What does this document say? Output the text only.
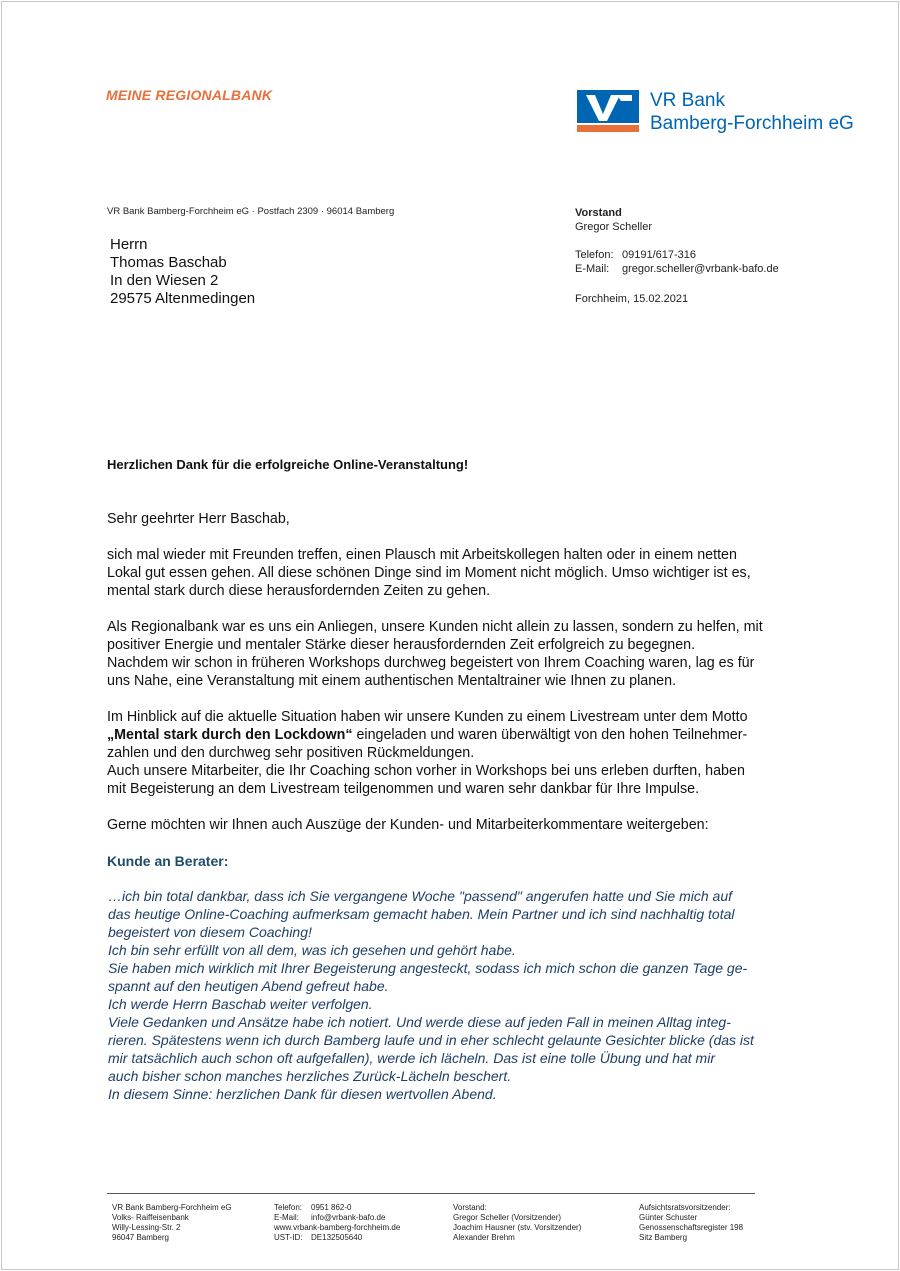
MEINE REGIONALBANK	VR Bank
Bamberg-Forchheim eG
VR Bank Bamberg-Forchheim eG · Postfach 2309 · 96014 Bamberg
Herrn
Thomas Baschab
In den Wiesen 2
29575 Altenmedingen
Vorstand
Gregor Scheller
Telefon: 09191/617-316
E-Mail:	gregor.scheller@vrbank-bafo.de
Forchheim, 15.02.2021
Herzlichen Dank für die erfolgreiche Online-Veranstaltung!

Sehr geehrter Herr Baschab,

sich mal wieder mit Freunden treffen, einen Plausch mit Arbeitskollegen halten oder in einem netten

Lokal gut essen gehen. All diese schönen Dinge sind im Moment nicht möglich. Umso wichtiger ist es,

mental stark durch diese herausfordernden Zeiten zu gehen.

Als Regionalbank war es uns ein Anliegen, unsere Kunden nicht allein zu lassen, sondern zu helfen, mit

positiver Energie und mentaler Stärke dieser herausfordernden Zeit erfolgreich zu begegnen.

Nachdem wir schon in früheren Workshops durchweg begeistert von Ihrem Coaching waren, lag es für

uns Nahe, eine Veranstaltung mit einem authentischen Mentaltrainer wie Ihnen zu planen.

Im Hinblick auf die aktuelle Situation haben wir unsere Kunden zu einem Livestream unter dem Motto

„Mental stark durch den Lockdown“ eingeladen und waren überwältigt von den hohen Teilnehmer-

zahlen und den durchweg sehr positiven Rückmeldungen.

Auch unsere Mitarbeiter, die Ihr Coaching schon vorher in Workshops bei uns erleben durften, haben

mit Begeisterung an dem Livestream teilgenommen und waren sehr dankbar für Ihre Impulse.

Gerne möchten wir Ihnen auch Auszüge der Kunden- und Mitarbeiterkommentare weitergeben:

Kunde an Berater:

…ich bin total dankbar, dass ich Sie vergangene Woche "passend" angerufen hatte und Sie mich auf

das heutige Online-Coaching aufmerksam gemacht haben. Mein Partner und ich sind nachhaltig total

begeistert von diesem Coaching!

Ich bin sehr erfüllt von all dem, was ich gesehen und gehört habe.

Sie haben mich wirklich mit Ihrer Begeisterung angesteckt, sodass ich mich schon die ganzen Tage ge-

spannt auf den heutigen Abend gefreut habe.

Ich werde Herrn Baschab weiter verfolgen.

Viele Gedanken und Ansätze habe ich notiert. Und werde diese auf jeden Fall in meinen Alltag integ-

rieren. Spätestens wenn ich durch Bamberg laufe und in eher schlecht gelaunte Gesichter blicke (das ist

mir tatsächlich auch schon oft aufgefallen), werde ich lächeln. Das ist eine tolle Übung und hat mir

auch bisher schon manches herzliches Zurück-Lächeln beschert.

In diesem Sinne: herzlichen Dank für diesen wertvollen Abend.

VR Bank Bamberg-Forchheim eG
Volks- Raiffeisenbank
Willy-Lessing-Str. 2
96047 Bamberg
Telefon:	0951 862-0
E-Mail:	info@vrbank-bafo.de
www.vrbank-bamberg-forchheim.de
UST-ID:	DE132505640
Vorstand:
Gregor Scheller (Vorsitzender)
Joachim Hausner (stv. Vorsitzender)
Alexander Brehm
Aufsichtsratsvorsitzender:
Günter Schuster
Genossenschaftsregister 198
Sitz Bamberg
